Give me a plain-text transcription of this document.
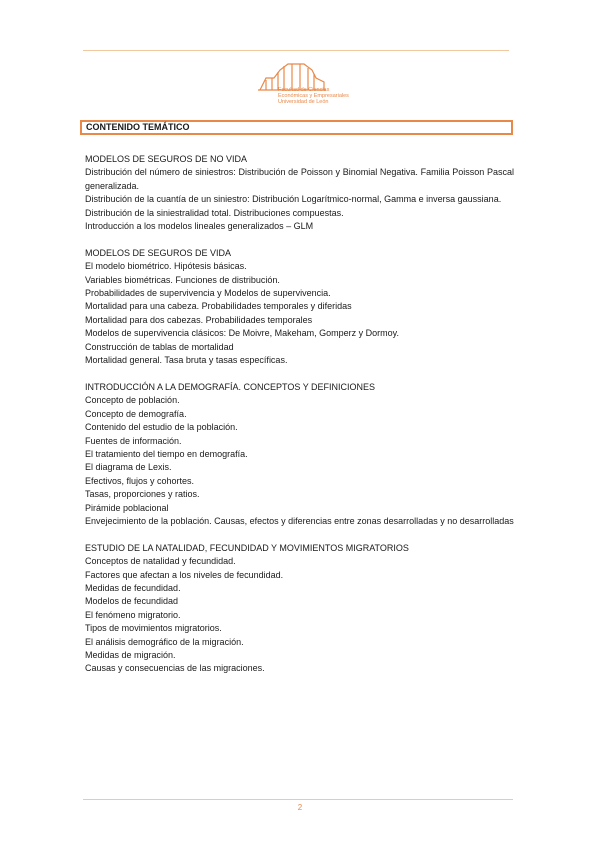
Facultad de Ciencias
Económicas y Empresariales
Universidad de León
CONTENIDO TEMÁTICO
MODELOS DE SEGUROS DE NO VIDA
Distribución del número de siniestros: Distribución de Poisson y Binomial Negativa. Familia Poisson Pascal generalizada.
Distribución de la cuantía de un siniestro: Distribución Logarítmico-normal, Gamma e inversa gaussiana.
Distribución de la siniestralidad total. Distribuciones compuestas.
Introducción a los modelos lineales generalizados – GLM
MODELOS DE SEGUROS DE VIDA
El modelo biométrico. Hipótesis básicas.
Variables biométricas. Funciones de distribución.
Probabilidades de supervivencia y Modelos de supervivencia.
Mortalidad para una cabeza. Probabilidades temporales y diferidas
Mortalidad para dos cabezas. Probabilidades temporales
Modelos de supervivencia clásicos: De Moivre, Makeham, Gomperz y Dormoy.
Construcción de tablas de mortalidad
Mortalidad general. Tasa bruta y tasas específicas.
INTRODUCCIÓN A LA DEMOGRAFÍA. CONCEPTOS Y DEFINICIONES
Concepto de población.
Concepto de demografía.
Contenido del estudio de la población.
Fuentes de información.
El tratamiento del tiempo en demografía.
El diagrama de Lexis.
Efectivos, flujos y cohortes.
Tasas, proporciones y ratios.
Pirámide poblacional
Envejecimiento de la población. Causas, efectos y diferencias entre zonas desarrolladas y no desarrolladas
ESTUDIO DE LA NATALIDAD, FECUNDIDAD Y MOVIMIENTOS MIGRATORIOS
Conceptos de natalidad y fecundidad.
Factores que afectan a los niveles de fecundidad.
Medidas de fecundidad.
Modelos de fecundidad
El fenómeno migratorio.
Tipos de movimientos migratorios.
El análisis demográfico de la migración.
Medidas de migración.
Causas y consecuencias de las migraciones.
2
